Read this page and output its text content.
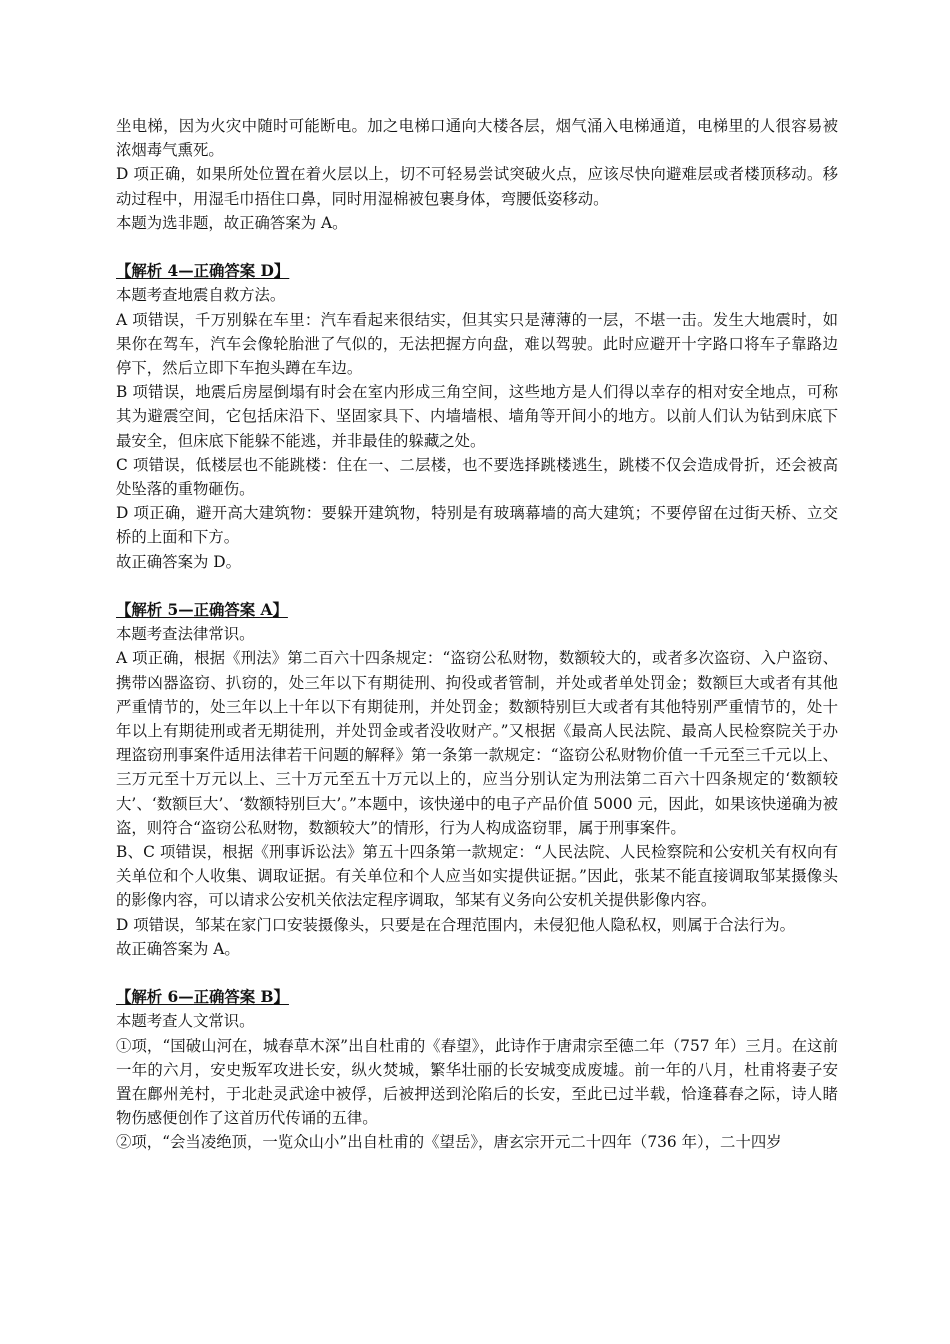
坐电梯，因为火灾中随时可能断电。加之电梯口通向大楼各层，烟气涌入电梯通道，电梯里的人很容易被浓烟毒气熏死。

D 项正确，如果所处位置在着火层以上，切不可轻易尝试突破火点，应该尽快向避难层或者楼顶移动。移动过程中，用湿毛巾捂住口鼻，同时用湿棉被包裹身体，弯腰低姿移动。

本题为选非题，故正确答案为 A。

【解析 4—正确答案 D】

本题考查地震自救方法。

A 项错误，千万别躲在车里：汽车看起来很结实，但其实只是薄薄的一层，不堪一击。发生大地震时，如果你在驾车，汽车会像轮胎泄了气似的，无法把握方向盘，难以驾驶。此时应避开十字路口将车子靠路边停下，然后立即下车抱头蹲在车边。

B 项错误，地震后房屋倒塌有时会在室内形成三角空间，这些地方是人们得以幸存的相对安全地点，可称其为避震空间，它包括床沿下、坚固家具下、内墙墙根、墙角等开间小的地方。以前人们认为钻到床底下最安全，但床底下能躲不能逃，并非最佳的躲藏之处。

C 项错误，低楼层也不能跳楼：住在一、二层楼，也不要选择跳楼逃生，跳楼不仅会造成骨折，还会被高处坠落的重物砸伤。

D 项正确，避开高大建筑物：要躲开建筑物，特别是有玻璃幕墙的高大建筑；不要停留在过街天桥、立交桥的上面和下方。

故正确答案为 D。

【解析 5—正确答案 A】

本题考查法律常识。

A 项正确，根据《刑法》第二百六十四条规定：“盗窃公私财物，数额较大的，或者多次盗窃、入户盗窃、携带凶器盗窃、扒窃的，处三年以下有期徒刑、拘役或者管制，并处或者单处罚金；数额巨大或者有其他严重情节的，处三年以上十年以下有期徒刑，并处罚金；数额特别巨大或者有其他特别严重情节的，处十年以上有期徒刑或者无期徒刑，并处罚金或者没收财产。”又根据《最高人民法院、最高人民检察院关于办理盗窃刑事案件适用法律若干问题的解释》第一条第一款规定：“盗窃公私财物价值一千元至三千元以上、三万元至十万元以上、三十万元至五十万元以上的，应当分别认定为刑法第二百六十四条规定的‘数额较大’、‘数额巨大’、‘数额特别巨大’。”本题中，该快递中的电子产品价值 5000 元，因此，如果该快递确为被盗，则符合“盗窃公私财物，数额较大”的情形，行为人构成盗窃罪，属于刑事案件。

B、C 项错误，根据《刑事诉讼法》第五十四条第一款规定：“人民法院、人民检察院和公安机关有权向有关单位和个人收集、调取证据。有关单位和个人应当如实提供证据。”因此，张某不能直接调取邹某摄像头的影像内容，可以请求公安机关依法定程序调取，邹某有义务向公安机关提供影像内容。

D 项错误，邹某在家门口安装摄像头，只要是在合理范围内，未侵犯他人隐私权，则属于合法行为。

故正确答案为 A。

【解析 6—正确答案 B】

本题考查人文常识。

①项，“国破山河在，城春草木深”出自杜甫的《春望》，此诗作于唐肃宗至德二年（757 年）三月。在这前一年的六月，安史叛军攻进长安，纵火焚城，繁华壮丽的长安城变成废墟。前一年的八月，杜甫将妻子安置在鄜州羌村，于北赴灵武途中被俘，后被押送到沦陷后的长安，至此已过半载，恰逢暮春之际，诗人睹物伤感便创作了这首历代传诵的五律。

②项，“会当凌绝顶，一览众山小”出自杜甫的《望岳》，唐玄宗开元二十四年（736 年），二十四岁
